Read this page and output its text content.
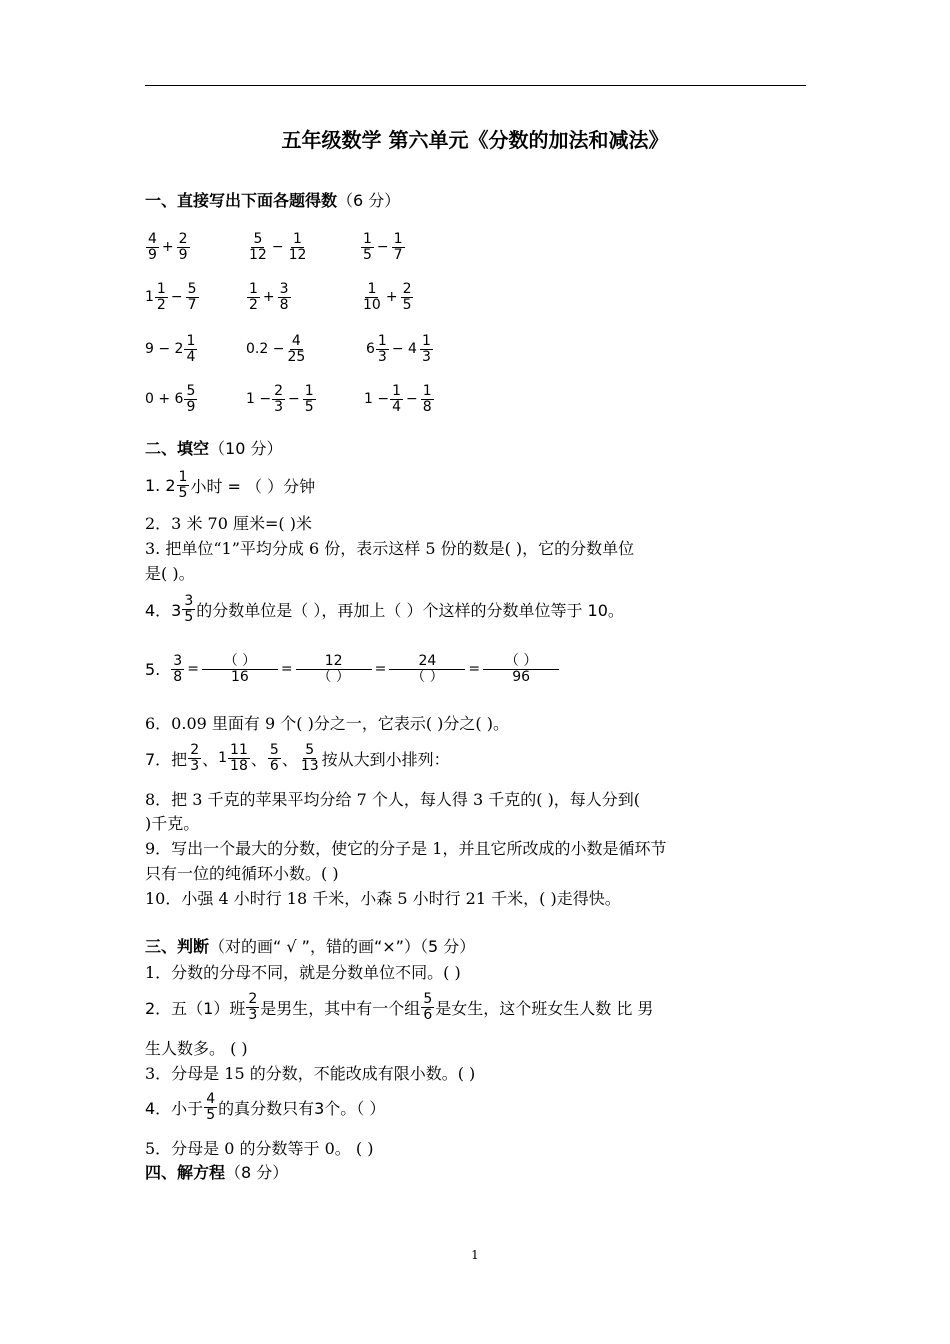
五年级数学 第六单元《分数的加法和减法》
一、直接写出下面各题得数（6 分）
$\frac{4}{9} + \frac{2}{9}$	$\frac{5}{12} - \frac{1}{12}$	$\frac{1}{5} - \frac{1}{7}$
$1 \frac{1}{2} - \frac{5}{7}$	$\frac{1}{2} + \frac{3}{8}$	$\frac{1}{10} + \frac{2}{5}$
$9 - 2 \frac{1}{4}$	$0.2 - \frac{4}{25}$	$6 \frac{1}{3} - 4 \frac{1}{3}$
$0 + 6 \frac{5}{9}$	$1 - \frac{2}{3} - \frac{1}{5}$	$1 - \frac{1}{4} - \frac{1}{8}$
二、填空（10 分）
1. $2 \frac{1}{5}$ 小时 = （ ）分钟
2．3 米 70 厘米=( )米
3. 把单位“1”平均分成 6 份，表示这样 5 份的数是( )，它的分数单位
是( )。
4．$3 \frac{3}{5}$ 的分数单位是（ ），再加上（ ）个这样的分数单位等于 10。
5. $\frac{3}{8}$ =
（ ）
16	=
12
（ ）	=
24
（ ）	=
（ ）
96
6．0.09 里面有 9 个( )分之一，它表示( )分之( )。
7．把 $\frac{2}{3}$ 、 $1 \frac{11}{18}$ 、 $\frac{5}{6}$ 、 $\frac{5}{13}$ 按从大到小排列：
8．把 3 千克的苹果平均分给 7 个人，每人得 3 千克的( )，每人分到(
)千克。
9．写出一个最大的分数，使它的分子是 1，并且它所改成的小数是循环节
只有一位的纯循环小数。( )
10．小强 4 小时行 18 千米，小森 5 小时行 21 千米，( )走得快。
三、判断（对的画“ √ ”，错的画“×”）（5 分）
1．分数的分母不同，就是分数单位不同。( )
2．五（1）班 $\frac{2}{3}$ 是男生，其中有一个组 $\frac{5}{6}$ 是女生，这个班女生人数 比 男
生人数多。 ( )
3．分母是 15 的分数，不能改成有限小数。( )
4．小于 $\frac{4}{5}$ 的真分数只有3个。（ ）
5．分母是 0 的分数等于 0。 ( )
四、解方程（8 分）
1
